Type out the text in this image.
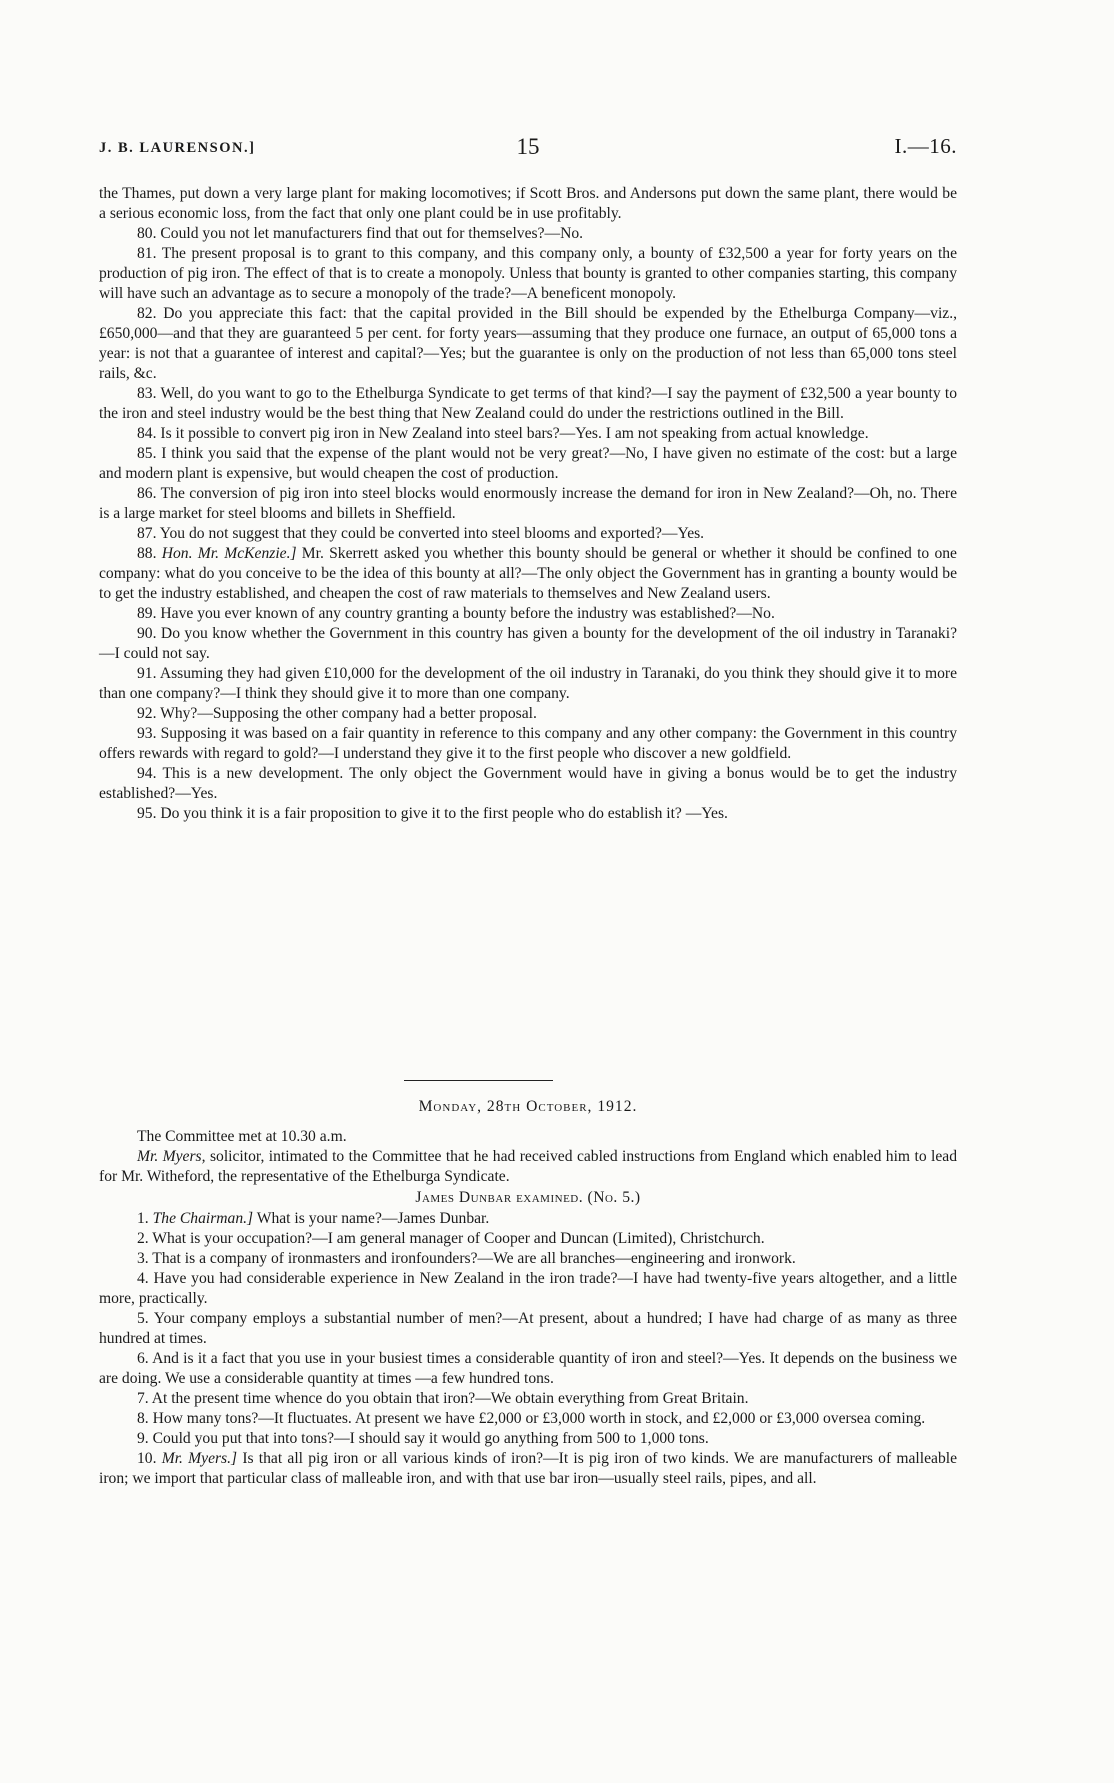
J. B. LAURENSON.]	15	I.—16.

the Thames, put down a very large plant for making locomotives; if Scott Bros. and Andersons put down the same plant, there would be a serious economic loss, from the fact that only one plant could be in use profitably.

80. Could you not let manufacturers find that out for themselves?—No.

81. The present proposal is to grant to this company, and this company only, a bounty of £32,500 a year for forty years on the production of pig iron. The effect of that is to create a monopoly. Unless that bounty is granted to other companies starting, this company will have such an advantage as to secure a monopoly of the trade?—A beneficent monopoly.

82. Do you appreciate this fact: that the capital provided in the Bill should be expended by the Ethelburga Company—viz., £650,000—and that they are guaranteed 5 per cent. for forty years—assuming that they produce one furnace, an output of 65,000 tons a year: is not that a guarantee of interest and capital?—Yes; but the guarantee is only on the production of not less than 65,000 tons steel rails, &c.

83. Well, do you want to go to the Ethelburga Syndicate to get terms of that kind?—I say the payment of £32,500 a year bounty to the iron and steel industry would be the best thing that New Zealand could do under the restrictions outlined in the Bill.

84. Is it possible to convert pig iron in New Zealand into steel bars?—Yes. I am not speaking from actual knowledge.

85. I think you said that the expense of the plant would not be very great?—No, I have given no estimate of the cost: but a large and modern plant is expensive, but would cheapen the cost of production.

86. The conversion of pig iron into steel blocks would enormously increase the demand for iron in New Zealand?—Oh, no. There is a large market for steel blooms and billets in Sheffield.

87. You do not suggest that they could be converted into steel blooms and exported?—Yes.

88. Hon. Mr. McKenzie.] Mr. Skerrett asked you whether this bounty should be general or whether it should be confined to one company: what do you conceive to be the idea of this bounty at all?—The only object the Government has in granting a bounty would be to get the industry established, and cheapen the cost of raw materials to themselves and New Zealand users.

89. Have you ever known of any country granting a bounty before the industry was established?—No.

90. Do you know whether the Government in this country has given a bounty for the development of the oil industry in Taranaki?—I could not say.

91. Assuming they had given £10,000 for the development of the oil industry in Taranaki, do you think they should give it to more than one company?—I think they should give it to more than one company.

92. Why?—Supposing the other company had a better proposal.

93. Supposing it was based on a fair quantity in reference to this company and any other company: the Government in this country offers rewards with regard to gold?—I understand they give it to the first people who discover a new goldfield.

94. This is a new development. The only object the Government would have in giving a bonus would be to get the industry established?—Yes.

95. Do you think it is a fair proposition to give it to the first people who do establish it? —Yes.

Monday, 28th October, 1912.

The Committee met at 10.30 a.m.

Mr. Myers, solicitor, intimated to the Committee that he had received cabled instructions from England which enabled him to lead for Mr. Witheford, the representative of the Ethelburga Syndicate.

James Dunbar examined. (No. 5.)

1. The Chairman.] What is your name?—James Dunbar.

2. What is your occupation?—I am general manager of Cooper and Duncan (Limited), Christchurch.

3. That is a company of ironmasters and ironfounders?—We are all branches—engineering and ironwork.

4. Have you had considerable experience in New Zealand in the iron trade?—I have had twenty-five years altogether, and a little more, practically.

5. Your company employs a substantial number of men?—At present, about a hundred; I have had charge of as many as three hundred at times.

6. And is it a fact that you use in your busiest times a considerable quantity of iron and steel?—Yes. It depends on the business we are doing. We use a considerable quantity at times —a few hundred tons.

7. At the present time whence do you obtain that iron?—We obtain everything from Great Britain.

8. How many tons?—It fluctuates. At present we have £2,000 or £3,000 worth in stock, and £2,000 or £3,000 oversea coming.

9. Could you put that into tons?—I should say it would go anything from 500 to 1,000 tons.

10. Mr. Myers.] Is that all pig iron or all various kinds of iron?—It is pig iron of two kinds. We are manufacturers of malleable iron; we import that particular class of malleable iron, and with that use bar iron—usually steel rails, pipes, and all.
